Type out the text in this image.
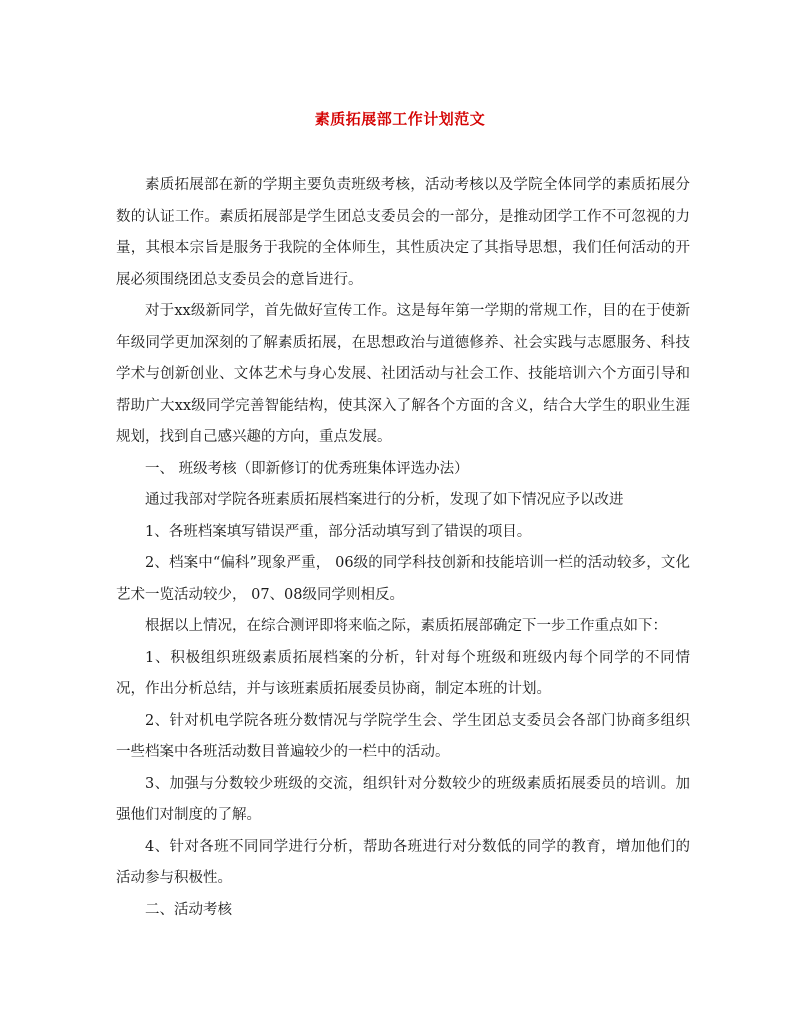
素质拓展部工作计划范文

素质拓展部在新的学期主要负责班级考核，活动考核以及学院全体同学的素质拓展分数的认证工作。素质拓展部是学生团总支委员会的一部分，是推动团学工作不可忽视的力量，其根本宗旨是服务于我院的全体师生，其性质决定了其指导思想，我们任何活动的开展必须围绕团总支委员会的意旨进行。

对于xx级新同学，首先做好宣传工作。这是每年第一学期的常规工作，目的在于使新年级同学更加深刻的了解素质拓展，在思想政治与道德修养、社会实践与志愿服务、科技学术与创新创业、文体艺术与身心发展、社团活动与社会工作、技能培训六个方面引导和帮助广大xx级同学完善智能结构，使其深入了解各个方面的含义，结合大学生的职业生涯规划，找到自己感兴趣的方向，重点发展。

一、 班级考核（即新修订的优秀班集体评选办法）

通过我部对学院各班素质拓展档案进行的分析，发现了如下情况应予以改进

1、各班档案填写错误严重，部分活动填写到了错误的项目。

2、档案中“偏科”现象严重， 06级的同学科技创新和技能培训一栏的活动较多，文化艺术一览活动较少， 07、08级同学则相反。

根据以上情况，在综合测评即将来临之际，素质拓展部确定下一步工作重点如下：

1、积极组织班级素质拓展档案的分析，针对每个班级和班级内每个同学的不同情况，作出分析总结，并与该班素质拓展委员协商，制定本班的计划。

2、针对机电学院各班分数情况与学院学生会、学生团总支委员会各部门协商多组织一些档案中各班活动数目普遍较少的一栏中的活动。

3、加强与分数较少班级的交流，组织针对分数较少的班级素质拓展委员的培训。加强他们对制度的了解。

4、针对各班不同同学进行分析，帮助各班进行对分数低的同学的教育，增加他们的活动参与积极性。

二、活动考核
